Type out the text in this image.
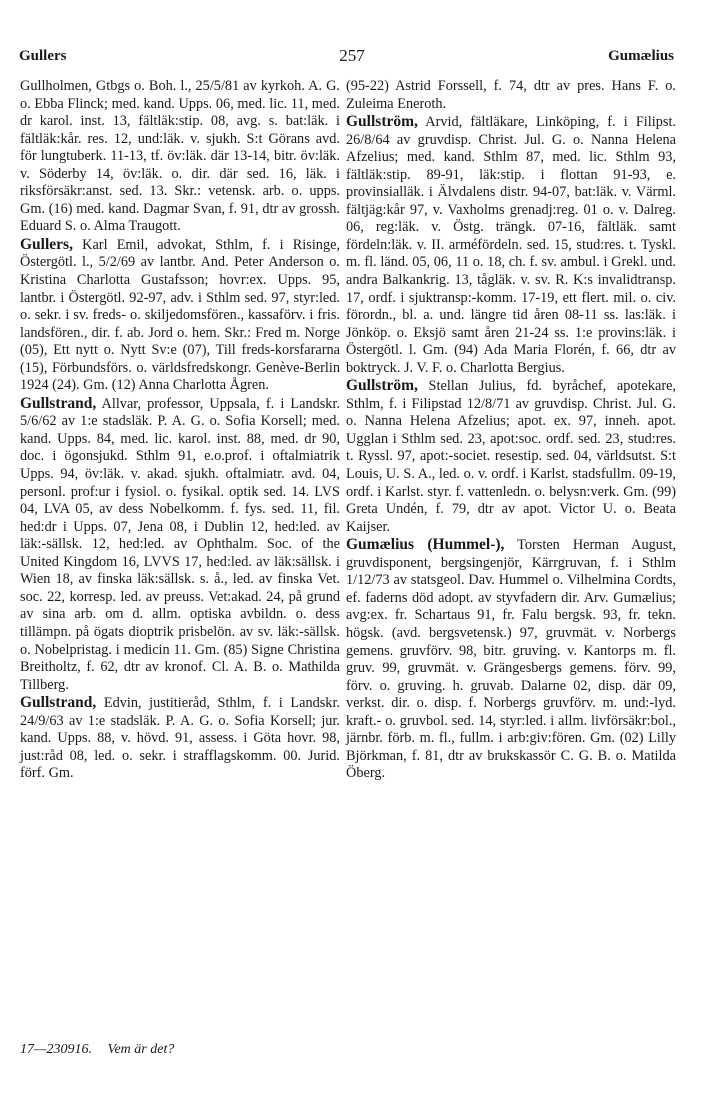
Gullers	257	Gumælius

Gullholmen, Gtbgs o. Boh. l., 25/5/81 av kyrkoh. A. G. o. Ebba Flinck; med. kand. Upps. 06, med. lic. 11, med. dr karol. inst. 13, fältläk:stip. 08, avg. s. bat:läk. i fältläk:kår. res. 12, und:läk. v. sjukh. S:t Görans avd. för lungtuberk. 11-13, tf. öv:läk. där 13-14, bitr. öv:läk. v. Söderby 14, öv:läk. o. dir. där sed. 16, läk. i riksförsäkr:anst. sed. 13. Skr.: vetensk. arb. o. upps. Gm. (16) med. kand. Dagmar Svan, f. 91, dtr av grossh. Eduard S. o. Alma Traugott.

Gullers, Karl Emil, advokat, Sthlm, f. i Risinge, Östergötl. l., 5/2/69 av lantbr. And. Peter Anderson o. Kristina Charlotta Gustafsson; hovr:ex. Upps. 95, lantbr. i Östergötl. 92-97, adv. i Sthlm sed. 97, styr:led. o. sekr. i sv. freds- o. skiljedomsfören., kassaförv. i fris. landsfören., dir. f. ab. Jord o. hem. Skr.: Fred m. Norge (05), Ett nytt o. Nytt Sv:e (07), Till freds-korsfararna (15), Förbundsförs. o. världsfredskongr. Genève-Berlin 1924 (24). Gm. (12) Anna Charlotta Ågren.

Gullstrand, Allvar, professor, Uppsala, f. i Landskr. 5/6/62 av 1:e stadsläk. P. A. G. o. Sofia Korsell; med. kand. Upps. 84, med. lic. karol. inst. 88, med. dr 90, doc. i ögonsjukd. Sthlm 91, e.o.prof. i oftalmiatrik Upps. 94, öv:läk. v. akad. sjukh. oftalmiatr. avd. 04, personl. prof:ur i fysiol. o. fysikal. optik sed. 14. LVS 04, LVA 05, av dess Nobelkomm. f. fys. sed. 11, fil. hed:dr i Upps. 07, Jena 08, i Dublin 12, hed:led. av läk:-sällsk. 12, hed:led. av Ophthalm. Soc. of the United Kingdom 16, LVVS 17, hed:led. av läk:sällsk. i Wien 18, av finska läk:sällsk. s. å., led. av finska Vet. soc. 22, korresp. led. av preuss. Vet:akad. 24, på grund av sina arb. om d. allm. optiska avbildn. o. dess tillämpn. på ögats dioptrik prisbelön. av sv. läk:-sällsk. o. Nobelpristag. i medicin 11. Gm. (85) Signe Christina Breitholtz, f. 62, dtr av kronof. Cl. A. B. o. Mathilda Tillberg.

Gullstrand, Edvin, justitieråd, Sthlm, f. i Landskr. 24/9/63 av 1:e stadsläk. P. A. G. o. Sofia Korsell; jur. kand. Upps. 88, v. hövd. 91, assess. i Göta hovr. 98, just:råd 08, led. o. sekr. i strafflagskomm. 00. Jurid. förf. Gm.

(95-22) Astrid Forssell, f. 74, dtr av pres. Hans F. o. Zuleima Eneroth.

Gullström, Arvid, fältläkare, Linköping, f. i Filipst. 26/8/64 av gruvdisp. Christ. Jul. G. o. Nanna Helena Afzelius; med. kand. Sthlm 87, med. lic. Sthlm 93, fältläk:stip. 89-91, läk:stip. i flottan 91-93, e. provinsialläk. i Älvdalens distr. 94-07, bat:läk. v. Värml. fältjäg:kår 97, v. Vaxholms grenadj:reg. 01 o. v. Dalreg. 06, reg:läk. v. Östg. trängk. 07-16, fältläk. samt fördeln:läk. v. II. arméfördeln. sed. 15, stud:res. t. Tyskl. m. fl. länd. 05, 06, 11 o. 18, ch. f. sv. ambul. i Grekl. und. andra Balkankrig. 13, tågläk. v. sv. R. K:s invalidtransp. 17, ordf. i sjuktransp:-komm. 17-19, ett flert. mil. o. civ. förordn., bl. a. und. längre tid åren 08-11 ss. las:läk. i Jönköp. o. Eksjö samt åren 21-24 ss. 1:e provins:läk. i Östergötl. l. Gm. (94) Ada Maria Florén, f. 66, dtr av boktryck. J. V. F. o. Charlotta Bergius.

Gullström, Stellan Julius, fd. byråchef, apotekare, Sthlm, f. i Filipstad 12/8/71 av gruvdisp. Christ. Jul. G. o. Nanna Helena Afzelius; apot. ex. 97, inneh. apot. Ugglan i Sthlm sed. 23, apot:soc. ordf. sed. 23, stud:res. t. Ryssl. 97, apot:-societ. resestip. sed. 04, världsutst. S:t Louis, U. S. A., led. o. v. ordf. i Karlst. stadsfullm. 09-19, ordf. i Karlst. styr. f. vattenledn. o. belysn:verk. Gm. (99) Greta Undén, f. 79, dtr av apot. Victor U. o. Beata Kaijser.

Gumælius (Hummel-), Torsten Herman August, gruvdisponent, bergsingenjör, Kärrgruvan, f. i Sthlm 1/12/73 av statsgeol. Dav. Hummel o. Vilhelmina Cordts, ef. faderns död adopt. av styvfadern dir. Arv. Gumælius; avg:ex. fr. Schartaus 91, fr. Falu bergsk. 93, fr. tekn. högsk. (avd. bergsvetensk.) 97, gruvmät. v. Norbergs gemens. gruvförv. 98, bitr. gruving. v. Kantorps m. fl. gruv. 99, gruvmät. v. Grängesbergs gemens. förv. 99, förv. o. gruving. h. gruvab. Dalarne 02, disp. där 09, verkst. dir. o. disp. f. Norbergs gruvförv. m. und:-lyd. kraft.- o. gruvbol. sed. 14, styr:led. i allm. livförsäkr:bol., järnbr. förb. m. fl., fullm. i arb:giv:fören. Gm. (02) Lilly Björkman, f. 81, dtr av brukskassör C. G. B. o. Matilda Öberg.

17—230916. Vem är det?
